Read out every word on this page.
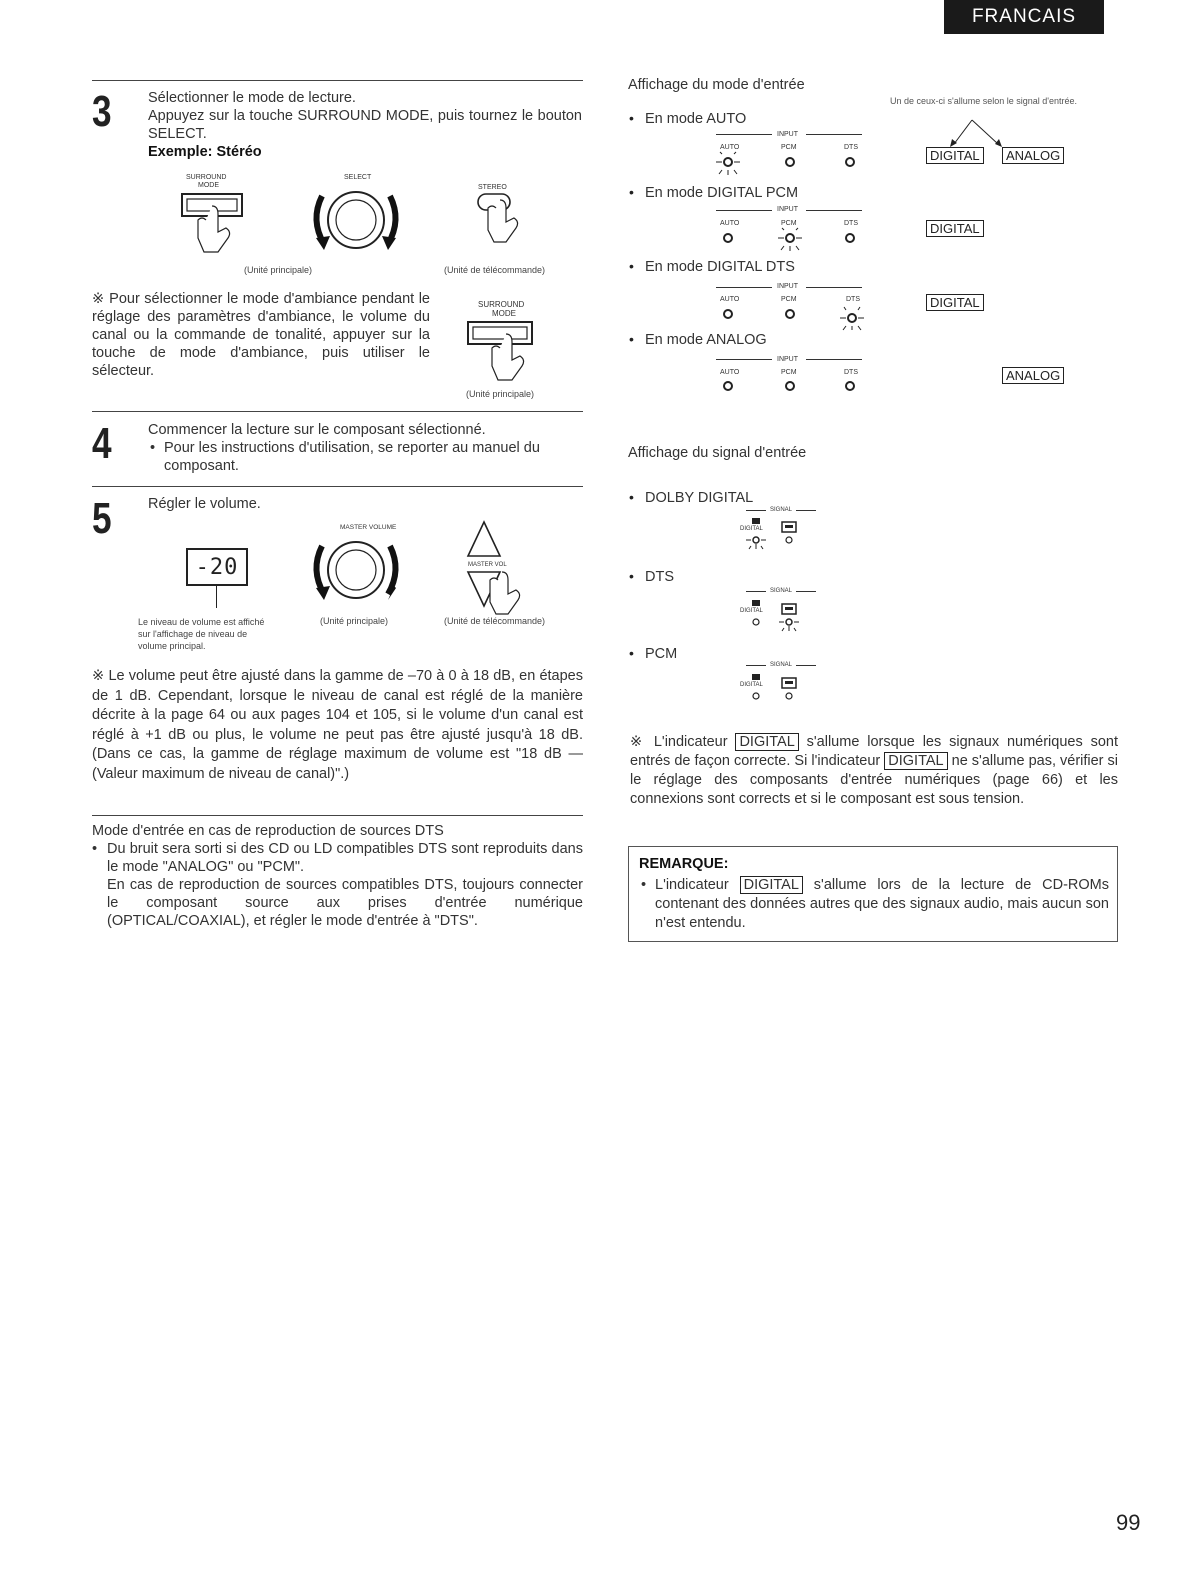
FRANCAIS
3	Sélectionner le mode de lecture.
Appuyez sur la touche SURROUND MODE, puis tournez le bouton SELECT.
Exemple: Stéréo
SURROUND
MODE
SELECT
STEREO
(Unité principale)	(Unité de télécommande)
※ Pour sélectionner le mode d'ambiance pendant le réglage des paramètres d'ambiance, le volume du canal ou la commande de tonalité, appuyer sur la touche de mode d'ambiance, puis utiliser le sélecteur.
SURROUND
MODE
(Unité principale)
4	Commencer la lecture sur le composant sélectionné.
• Pour les instructions d'utilisation, se reporter au manuel du composant.
5	Régler le volume.
-20
MASTER VOLUME
MASTER VOL
Le niveau de volume est affiché sur l'affichage de niveau de volume principal.
(Unité principale)	(Unité de télécommande)
※ Le volume peut être ajusté dans la gamme de –70 à 0 à 18 dB, en étapes de 1 dB. Cependant, lorsque le niveau de canal est réglé de la manière décrite à la page 64 ou aux pages 104 et 105, si le volume d'un canal est réglé à +1 dB ou plus, le volume ne peut pas être ajusté jusqu'à 18 dB. (Dans ce cas, la gamme de réglage maximum de volume est "18 dB — (Valeur maximum de niveau de canal)".)
Mode d'entrée en cas de reproduction de sources DTS
• Du bruit sera sorti si des CD ou LD compatibles DTS sont reproduits dans le mode "ANALOG" ou "PCM".
En cas de reproduction de sources compatibles DTS, toujours connecter le composant source aux prises d'entrée numérique (OPTICAL/COAXIAL), et régler le mode d'entrée à "DTS".
Affichage du mode d'entrée
Un de ceux-ci s'allume selon le signal d'entrée.
En mode AUTO
INPUT
AUTO	PCM	DTS
DIGITAL	ANALOG
En mode DIGITAL PCM
INPUT
AUTO	PCM	DTS	DIGITAL
En mode DIGITAL DTS
INPUT
AUTO	PCM	DTS	DIGITAL
En mode ANALOG
INPUT
AUTO	PCM	DTS	ANALOG
Affichage du signal d'entrée
DOLBY DIGITAL
SIGNAL
DIGITAL
DTS
SIGNAL
DIGITAL
PCM
SIGNAL
DIGITAL
※ L'indicateur DIGITAL s'allume lorsque les signaux numériques sont entrés de façon correcte. Si l'indicateur DIGITAL ne s'allume pas, vérifier si le réglage des composants d'entrée numériques (page 66) et les connexions sont corrects et si le composant est sous tension.
REMARQUE:
• L'indicateur DIGITAL s'allume lors de la lecture de CD-ROMs contenant des données autres que des signaux audio, mais aucun son n'est entendu.
99
